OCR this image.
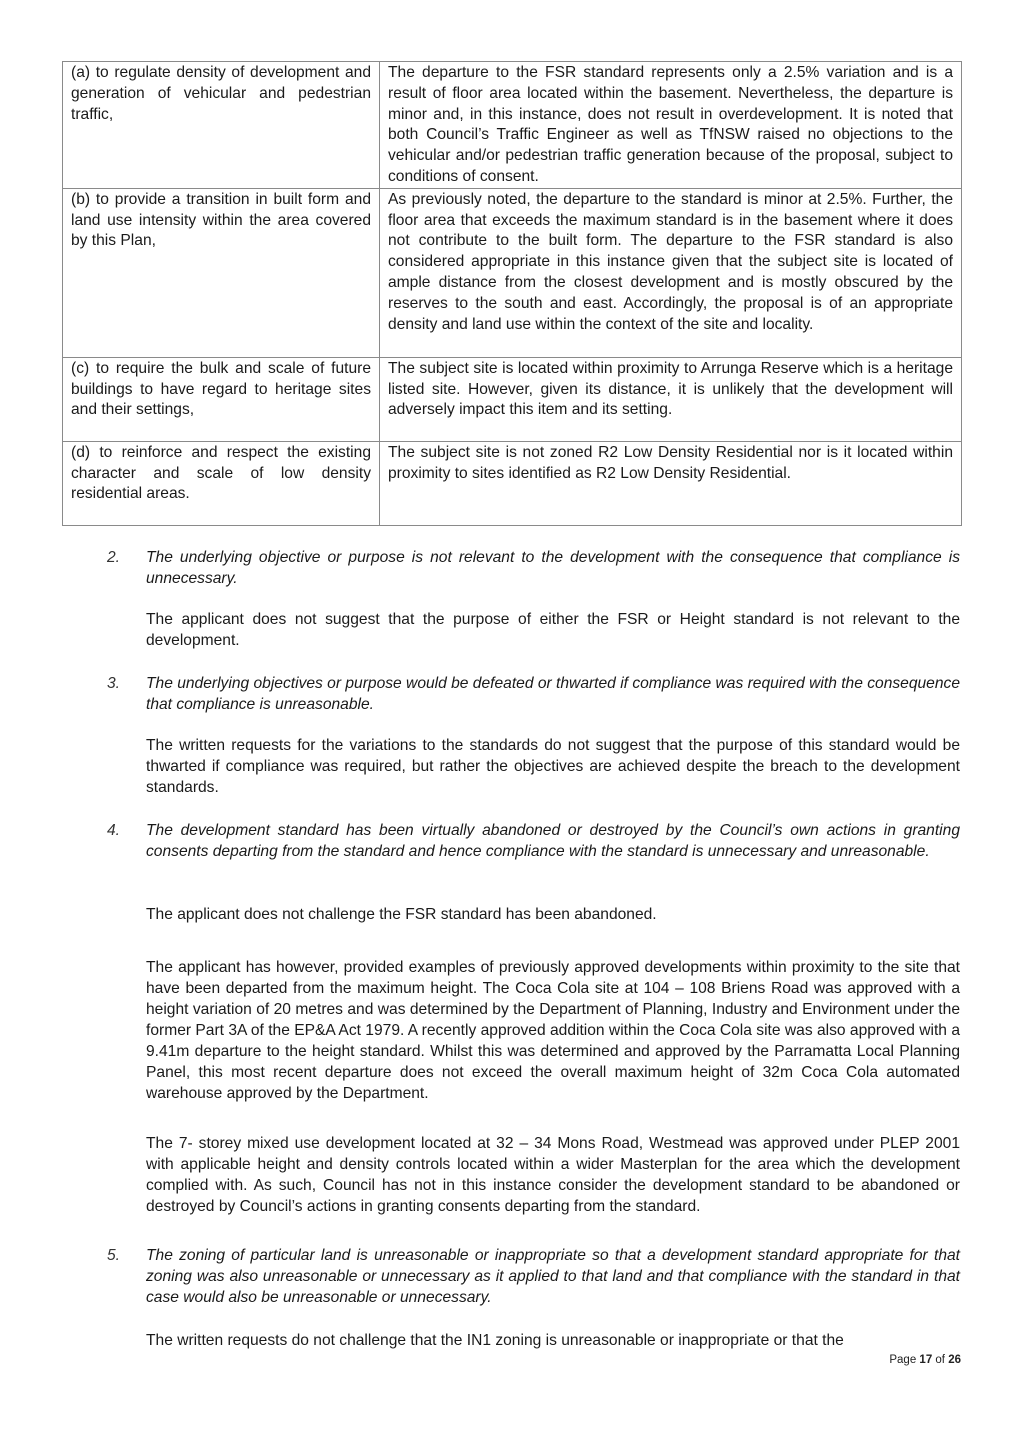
(a) to regulate density of development and generation of vehicular and pedestrian traffic,	The departure to the FSR standard represents only a 2.5% variation and is a result of floor area located within the basement. Nevertheless, the departure is minor and, in this instance, does not result in overdevelopment. It is noted that both Council’s Traffic Engineer as well as TfNSW raised no objections to the vehicular and/or pedestrian traffic generation because of the proposal, subject to conditions of consent.
(b) to provide a transition in built form and land use intensity within the area covered by this Plan,	As previously noted, the departure to the standard is minor at 2.5%. Further, the floor area that exceeds the maximum standard is in the basement where it does not contribute to the built form. The departure to the FSR standard is also considered appropriate in this instance given that the subject site is located of ample distance from the closest development and is mostly obscured by the reserves to the south and east. Accordingly, the proposal is of an appropriate density and land use within the context of the site and locality.
(c) to require the bulk and scale of future buildings to have regard to heritage sites and their settings,	The subject site is located within proximity to Arrunga Reserve which is a heritage listed site. However, given its distance, it is unlikely that the development will adversely impact this item and its setting.
(d) to reinforce and respect the existing character and scale of low density residential areas.	The subject site is not zoned R2 Low Density Residential nor is it located within proximity to sites identified as R2 Low Density Residential.
2. The underlying objective or purpose is not relevant to the development with the consequence that compliance is unnecessary.

The applicant does not suggest that the purpose of either the FSR or Height standard is not relevant to the development.

3. The underlying objectives or purpose would be defeated or thwarted if compliance was required with the consequence that compliance is unreasonable.

The written requests for the variations to the standards do not suggest that the purpose of this standard would be thwarted if compliance was required, but rather the objectives are achieved despite the breach to the development standards.

4. The development standard has been virtually abandoned or destroyed by the Council’s own actions in granting consents departing from the standard and hence compliance with the standard is unnecessary and unreasonable.

The applicant does not challenge the FSR standard has been abandoned.

The applicant has however, provided examples of previously approved developments within proximity to the site that have been departed from the maximum height. The Coca Cola site at 104 – 108 Briens Road was approved with a height variation of 20 metres and was determined by the Department of Planning, Industry and Environment under the former Part 3A of the EP&A Act 1979. A recently approved addition within the Coca Cola site was also approved with a 9.41m departure to the height standard. Whilst this was determined and approved by the Parramatta Local Planning Panel, this most recent departure does not exceed the overall maximum height of 32m Coca Cola automated warehouse approved by the Department.

The 7- storey mixed use development located at 32 – 34 Mons Road, Westmead was approved under PLEP 2001 with applicable height and density controls located within a wider Masterplan for the area which the development complied with. As such, Council has not in this instance consider the development standard to be abandoned or destroyed by Council’s actions in granting consents departing from the standard.

5. The zoning of particular land is unreasonable or inappropriate so that a development standard appropriate for that zoning was also unreasonable or unnecessary as it applied to that land and that compliance with the standard in that case would also be unreasonable or unnecessary.

The written requests do not challenge that the IN1 zoning is unreasonable or inappropriate or that the

Page 17 of 26
